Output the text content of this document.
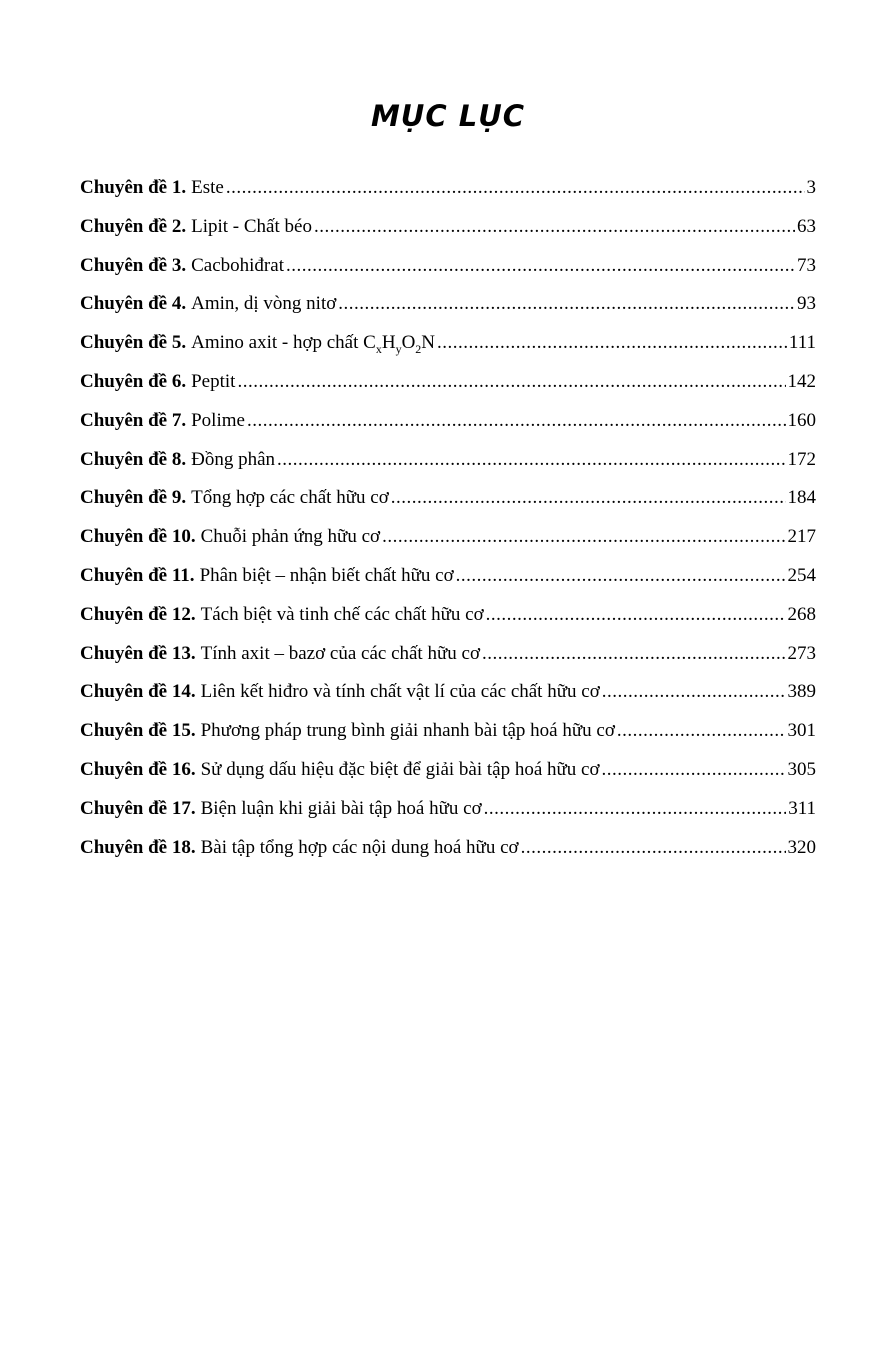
MỤC LỤC
Chuyên đề 1. Este .....	3
Chuyên đề 2. Lipit - Chất béo .....	63
Chuyên đề 3. Cacbohiđrat .....	73
Chuyên đề 4. Amin, dị vòng nitơ .....	93
Chuyên đề 5. Amino axit - hợp chất $C_xH_yO_2N$ .....	111
Chuyên đề 6. Peptit .....	142
Chuyên đề 7. Polime .....	160
Chuyên đề 8. Đồng phân .....	172
Chuyên đề 9. Tổng hợp các chất hữu cơ .....	184
Chuyên đề 10. Chuỗi phản ứng hữu cơ .....	217
Chuyên đề 11. Phân biệt – nhận biết chất hữu cơ .....	254
Chuyên đề 12. Tách biệt và tinh chế các chất hữu cơ .....	268
Chuyên đề 13. Tính axit – bazơ của các chất hữu cơ .....	273
Chuyên đề 14. Liên kết hiđro và tính chất vật lí của các chất hữu cơ .....	389
Chuyên đề 15. Phương pháp trung bình giải nhanh bài tập hoá hữu cơ .....	301
Chuyên đề 16. Sử dụng dấu hiệu đặc biệt để giải bài tập hoá hữu cơ .....	305
Chuyên đề 17. Biện luận khi giải bài tập hoá hữu cơ .....	311
Chuyên đề 18. Bài tập tổng hợp các nội dung hoá hữu cơ .....	320
